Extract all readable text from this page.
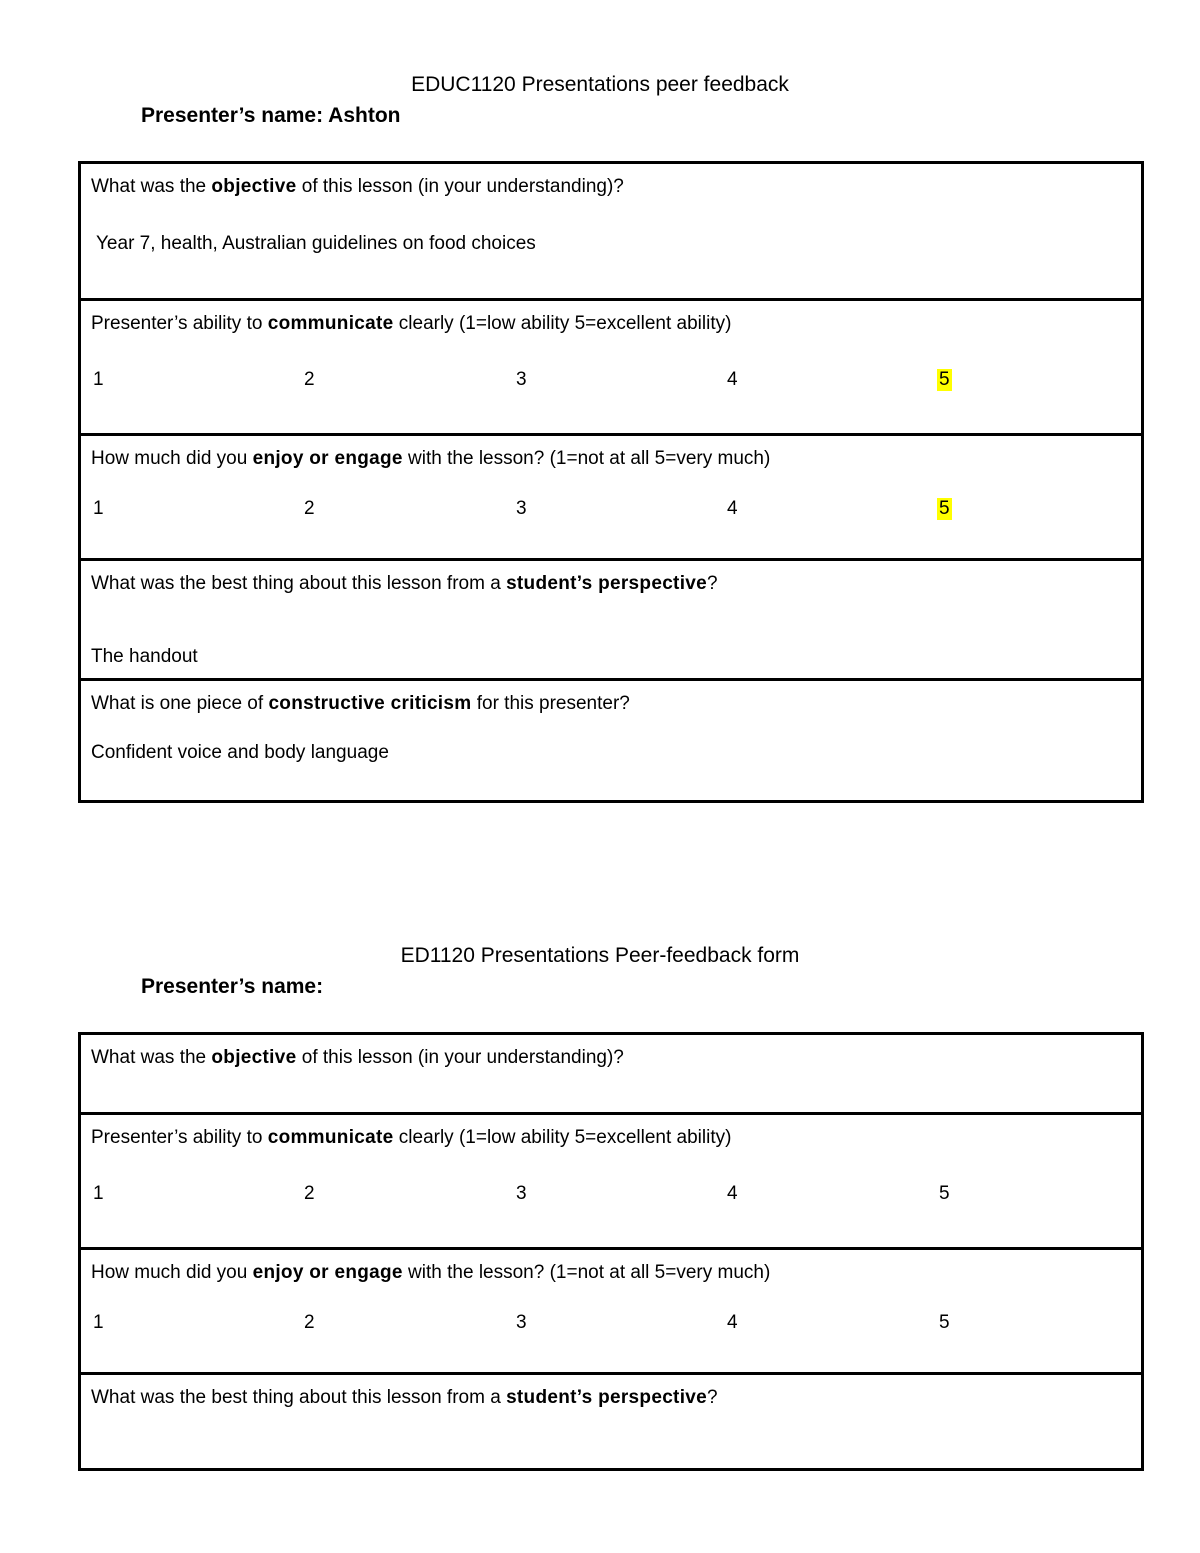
EDUC1120 Presentations peer feedback
Presenter’s name: Ashton
What was the objective of this lesson (in your understanding)?
Year 7, health, Australian guidelines on food choices

Presenter’s ability to communicate clearly (1=low ability 5=excellent ability)
1	2	3	4	5

How much did you enjoy or engage with the lesson? (1=not at all 5=very much)
1	2	3	4	5

What was the best thing about this lesson from a student’s perspective?
The handout

What is one piece of constructive criticism for this presenter?
Confident voice and body language
ED1120 Presentations Peer-feedback form
Presenter’s name:
What was the objective of this lesson (in your understanding)?

Presenter’s ability to communicate clearly (1=low ability 5=excellent ability)
1	2	3	4	5

How much did you enjoy or engage with the lesson? (1=not at all 5=very much)
1	2	3	4	5

What was the best thing about this lesson from a student’s perspective?
